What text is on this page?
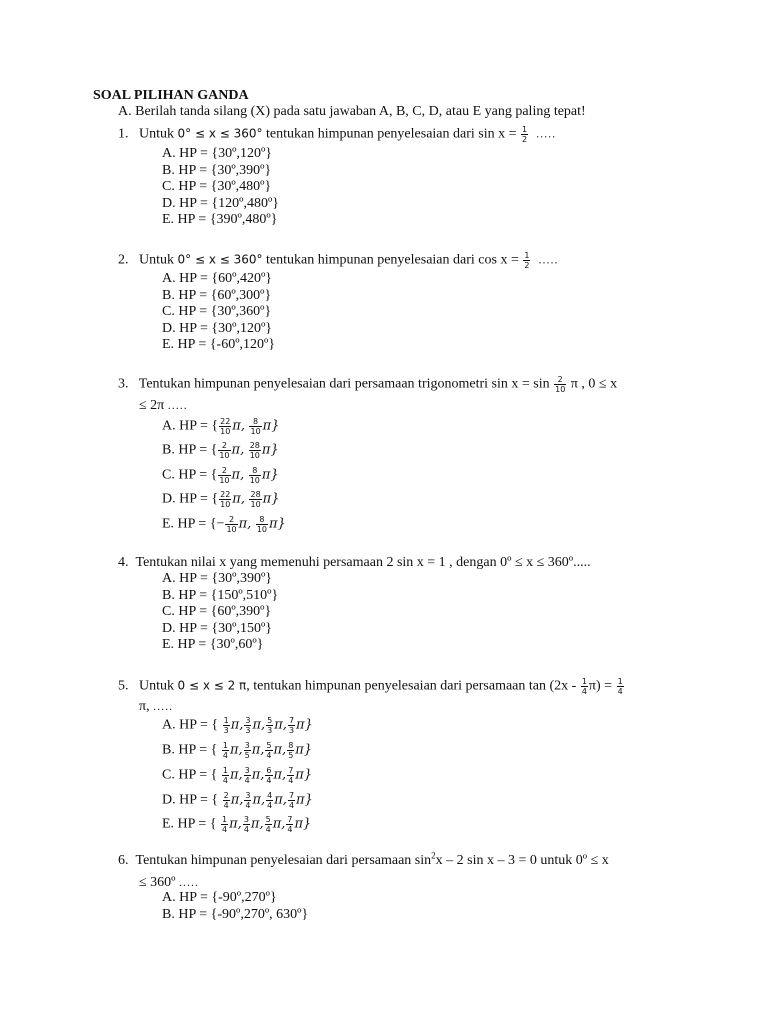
SOAL PILIHAN GANDA
A. Berilah tanda silang (X) pada satu jawaban A, B, C, D, atau E yang paling tepat!
1. Untuk 0° ≤ x ≤ 360° tentukan himpunan penyelesaian dari $\sin x = \frac{1}{2}$ .....
A. HP = {30º,120º}
B. HP = {30º,390º}
C. HP = {30º,480º}
D. HP = {120º,480º}
E. HP = {390º,480º}
2. Untuk 0° ≤ x ≤ 360° tentukan himpunan penyelesaian dari $\cos x = \frac{1}{2}$ .....
A. HP = {60º,420º}
B. HP = {60º,300º}
C. HP = {30º,360º}
D. HP = {30º,120º}
E. HP = {-60º,120º}
3. Tentukan himpunan penyelesaian dari persamaan trigonometri $\sin x = \sin \frac{2}{10}$ π , 0 ≤ x
≤ 2π .....
A. HP = { $\frac{22}{10} \pi$, $\frac{8}{10} \pi$}
B. HP = { $\frac{2}{10} \pi$, $\frac{28}{10} \pi$}
C. HP = { $\frac{2}{10} \pi$, $\frac{8}{10} \pi$}
D. HP = { $\frac{22}{10} \pi$, $\frac{28}{10} \pi$}
E. HP = {− $\frac{2}{10} \pi$, $\frac{8}{10} \pi$}
4. Tentukan nilai x yang memenuhi persamaan 2 sin x = 1 , dengan 0º ≤ x ≤ 360º.....
A. HP = {30º,390º}
B. HP = {150º,510º}
C. HP = {60º,390º}
D. HP = {30º,150º}
E. HP = {30º,60º}
5. Untuk 0 ≤ x ≤ 2 π, tentukan himpunan penyelesaian dari persamaan $\tan (2x - \frac{1}{4} \pi) = \frac{1}{4}$
π, .....
A. HP = { $\frac{1}{3} \pi$, $\frac{3}{3} \pi$, $\frac{5}{3} \pi$, $\frac{7}{3} \pi$}
B. HP = { $\frac{1}{4} \pi$, $\frac{3}{5} \pi$, $\frac{5}{4} \pi$, $\frac{8}{5} \pi$}
C. HP = { $\frac{1}{4} \pi$, $\frac{3}{4} \pi$, $\frac{6}{4} \pi$, $\frac{7}{4} \pi$}
D. HP = { $\frac{2}{4} \pi$, $\frac{3}{4} \pi$, $\frac{4}{4} \pi$, $\frac{7}{4} \pi$}
E. HP = { $\frac{1}{4} \pi$, $\frac{3}{4} \pi$, $\frac{5}{4} \pi$, $\frac{7}{4} \pi$}
6. Tentukan himpunan penyelesaian dari persamaan $\sin^2x - 2$ sin x – 3 = 0 untuk 0º ≤ x
≤ 360º .....
A. HP = {-90º,270º}
B. HP = {-90º,270º, 630º}
